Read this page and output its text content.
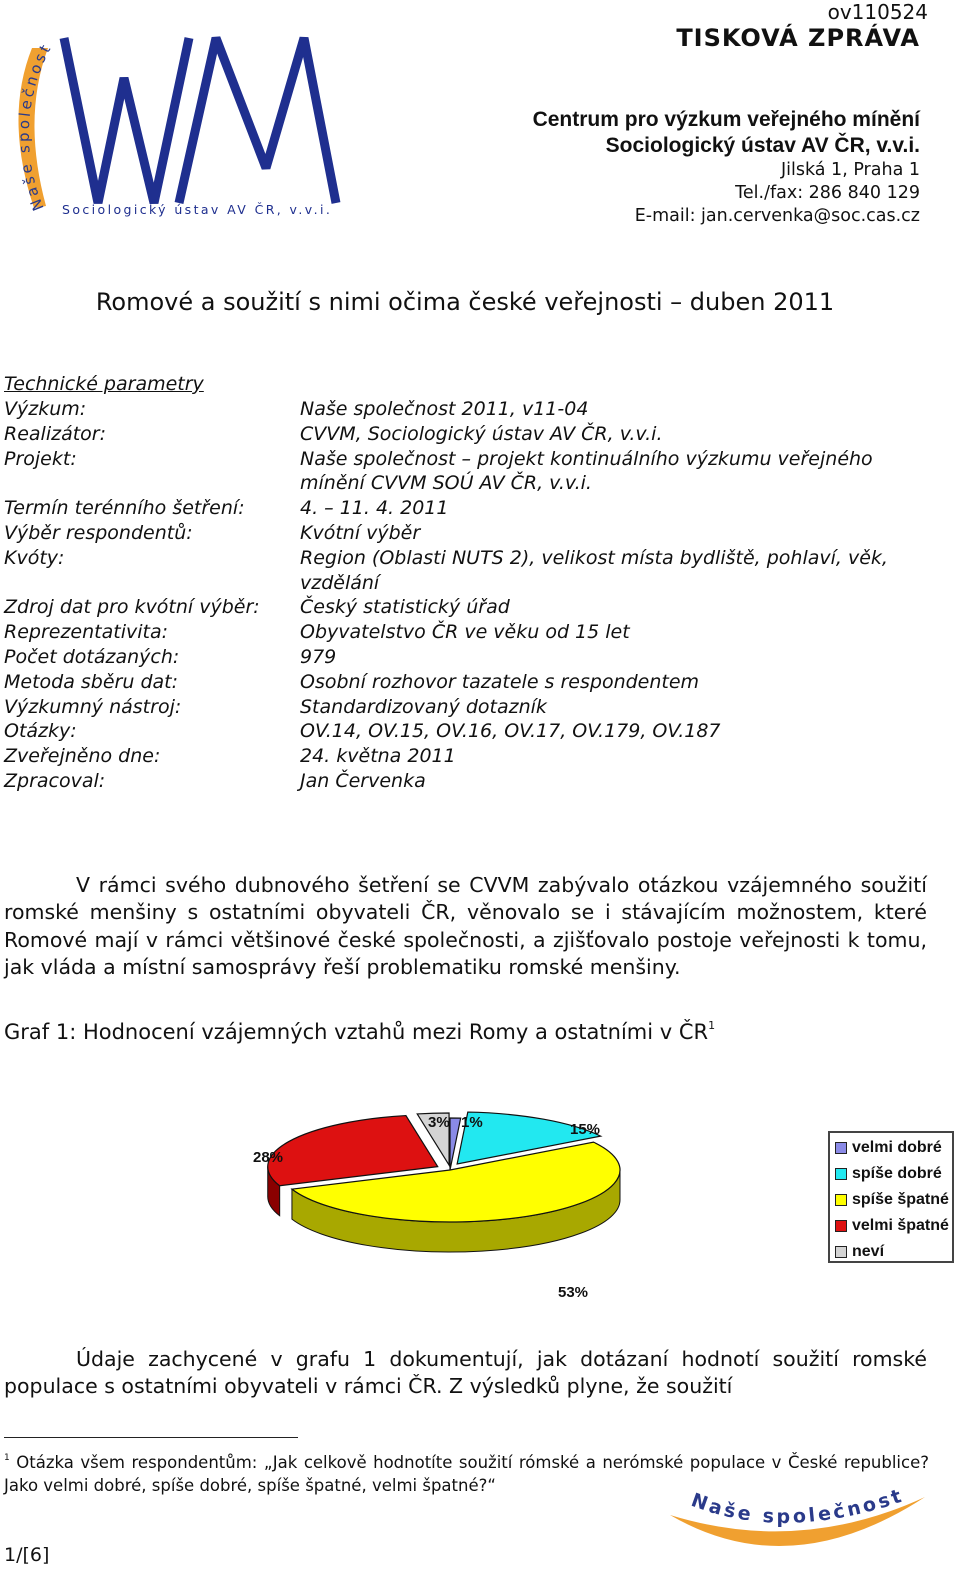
Naše společnost
Sociologický ústav AV ČR, v.v.i.
ov110524
TISKOVÁ ZPRÁVA
Centrum pro výzkum veřejného mínění
Sociologický ústav AV ČR, v.v.i.
Jilská 1, Praha 1
Tel./fax: 286 840 129
E-mail: jan.cervenka@soc.cas.cz
Romové a soužití s nimi očima české veřejnosti – duben 2011
Technické parametry
Výzkum:	Naše společnost 2011, v11-04
Realizátor:	CVVM, Sociologický ústav AV ČR, v.v.i.
Projekt:	Naše společnost – projekt kontinuálního výzkumu veřejného mínění CVVM SOÚ AV ČR, v.v.i.
Termín terénního šetření:	4. – 11. 4. 2011
Výběr respondentů:	Kvótní výběr
Kvóty:	Region (Oblasti NUTS 2), velikost místa bydliště, pohlaví, věk, vzdělání
Zdroj dat pro kvótní výběr:	Český statistický úřad
Reprezentativita:	Obyvatelstvo ČR ve věku od 15 let
Počet dotázaných:	979
Metoda sběru dat:	Osobní rozhovor tazatele s respondentem
Výzkumný nástroj:	Standardizovaný dotazník
Otázky:	OV.14, OV.15, OV.16, OV.17, OV.179, OV.187
Zveřejněno dne:	24. května 2011
Zpracoval:	Jan Červenka
V rámci svého dubnového šetření se CVVM zabývalo otázkou vzájemného soužití romské menšiny s ostatními obyvateli ČR, věnovalo se i stávajícím možnostem, které Romové mají v rámci většinové české společnosti, a zjišťovalo postoje veřejnosti k tomu, jak vláda a místní samosprávy řeší problematiku romské menšiny.
Graf 1: Hodnocení vzájemných vztahů mezi Romy a ostatními v $ČR^1$
1%	15%
53%
28%
3%
velmi dobré
spíše dobré
spíše špatné
velmi špatné
neví
Údaje zachycené v grafu 1 dokumentují, jak dotázaní hodnotí soužití romské populace s ostatními obyvateli v rámci ČR. Z výsledků plyne, že soužití
$^1$ Otázka všem respondentům: „Jak celkově hodnotíte soužití rómské a nerómské populace v České republice? Jako velmi dobré, spíše dobré, spíše špatné, velmi špatné?“
Naše společnost
1/[6]
